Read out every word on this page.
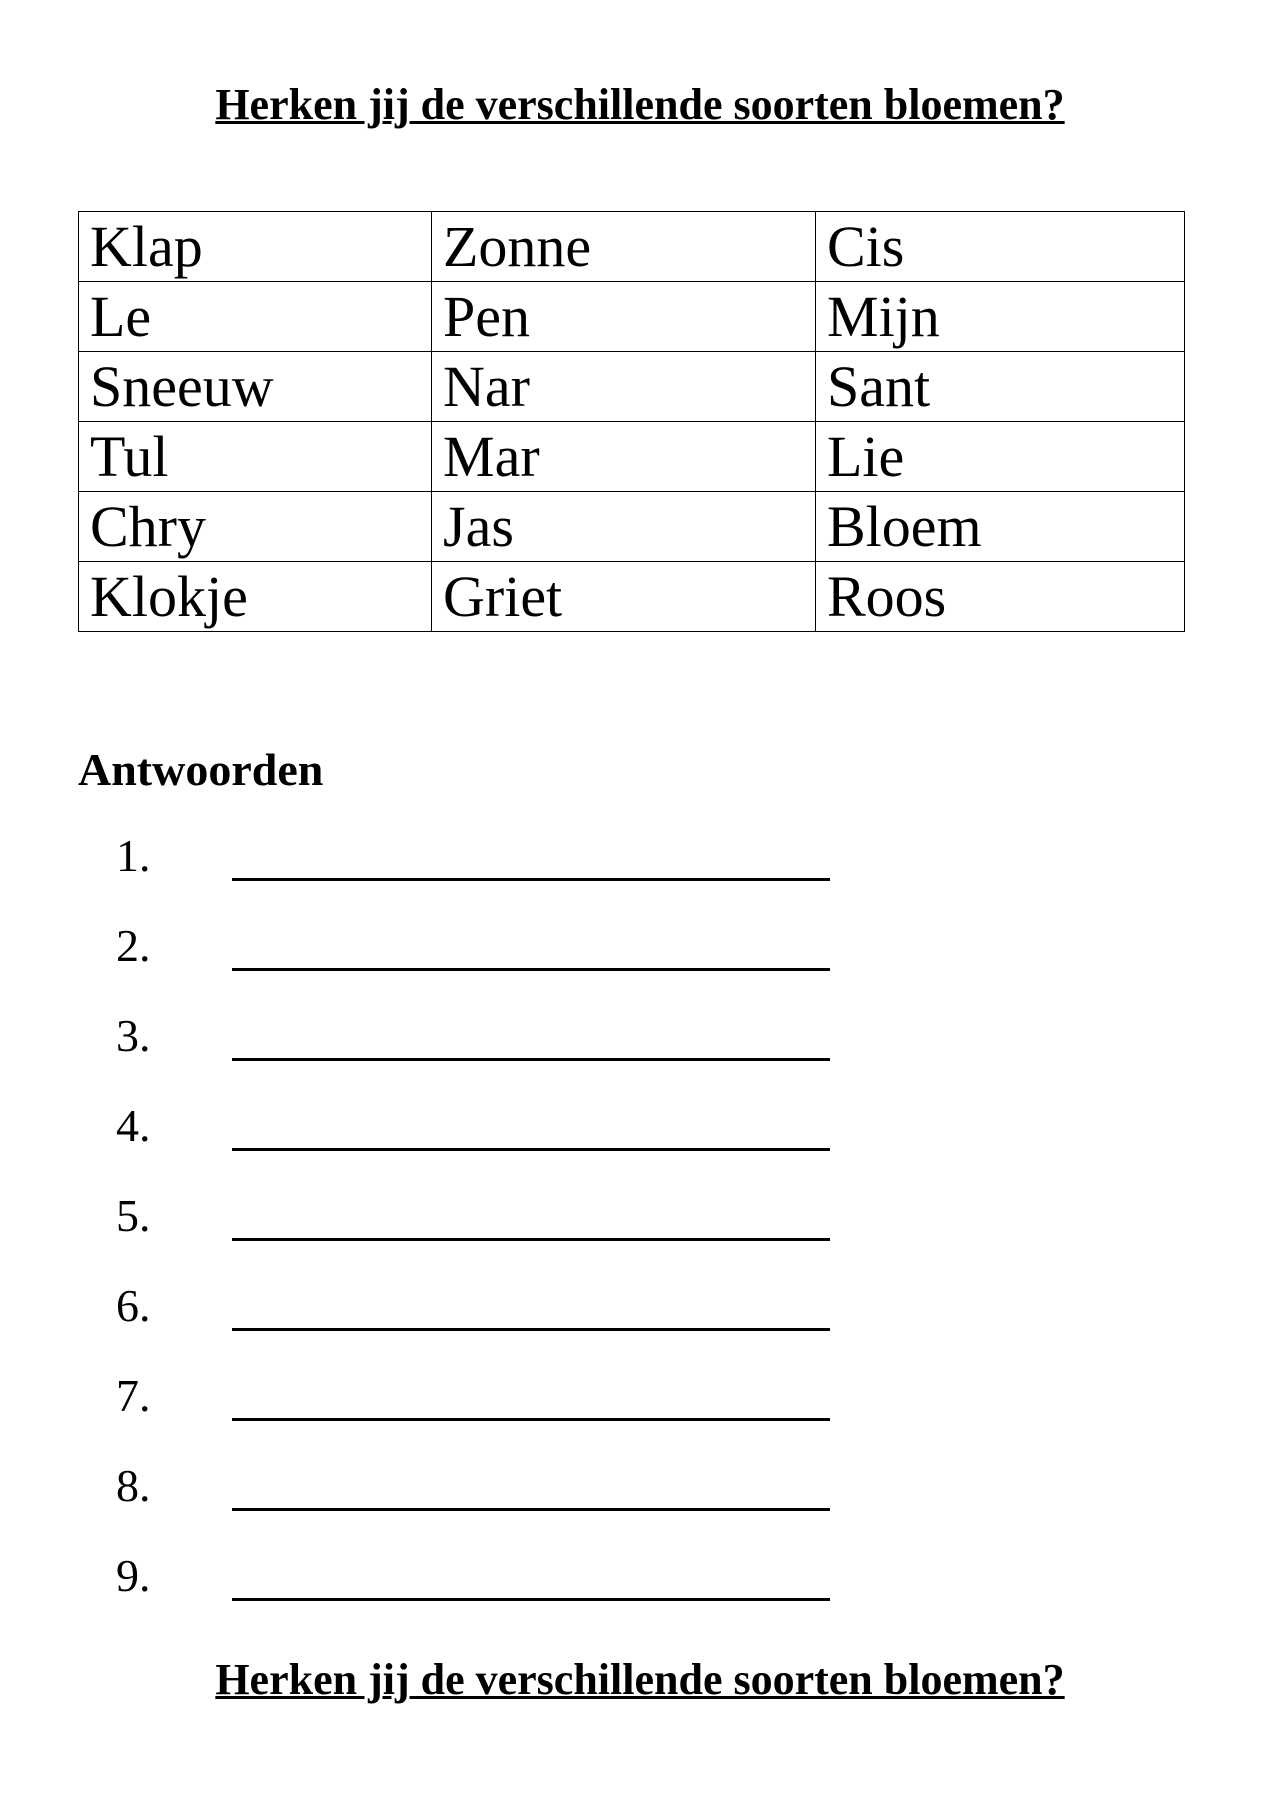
Herken jij de verschillende soorten bloemen?
Klap	Zonne	Cis
Le	Pen	Mijn
Sneeuw	Nar	Sant
Tul	Mar	Lie
Chry	Jas	Bloem
Klokje	Griet	Roos
Antwoorden
1.
2.
3.
4.
5.
6.
7.
8.
9.
Herken jij de verschillende soorten bloemen?
